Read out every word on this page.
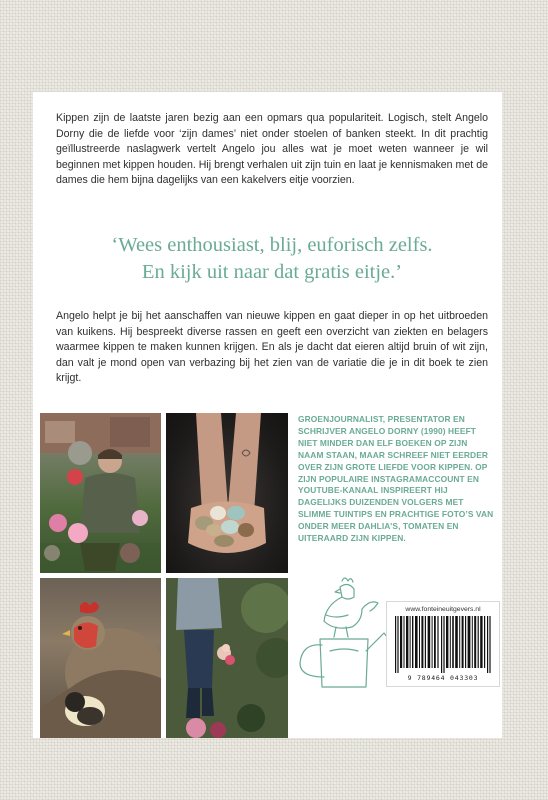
Kippen zijn de laatste jaren bezig aan een opmars qua populariteit. Logisch, stelt Angelo Dorny die de liefde voor ‘zijn dames’ niet onder stoelen of banken steekt. In dit prachtig geïllustreerde naslagwerk vertelt Angelo jou alles wat je moet weten wanneer je wil beginnen met kippen houden. Hij brengt verhalen uit zijn tuin en laat je kennismaken met de dames die hem bijna dagelijks van een kakelvers eitje voorzien.

‘Wees enthousiast, blij, euforisch zelfs.
En kijk uit naar dat gratis eitje.’

Angelo helpt je bij het aanschaffen van nieuwe kippen en gaat dieper in op het uitbroeden van kuikens. Hij bespreekt diverse rassen en geeft een overzicht van ziekten en belagers waarmee kippen te maken kunnen krijgen. En als je dacht dat eieren altijd bruin of wit zijn, dan valt je mond open van verbazing bij het zien van de variatie die je in dit boek te zien krijgt.

GROENJOURNALIST, PRESENTATOR EN SCHRIJVER ANGELO DORNY (1990) HEEFT NIET MINDER DAN ELF BOEKEN OP ZIJN NAAM STAAN, MAAR SCHREEF NIET EERDER OVER ZIJN GROTE LIEFDE VOOR KIPPEN. OP ZIJN POPULAIRE INSTAGRAMACCOUNT EN YOUTUBE-KANAAL INSPIREERT HIJ DAGELIJKS DUIZENDEN VOLGERS MET SLIMME TUINTIPS EN PRACHTIGE FOTO’S VAN ONDER MEER DAHLIA’S, TOMATEN EN UITERAARD ZIJN KIPPEN.

www.fonteineuitgevers.nl
9 789464 043303
